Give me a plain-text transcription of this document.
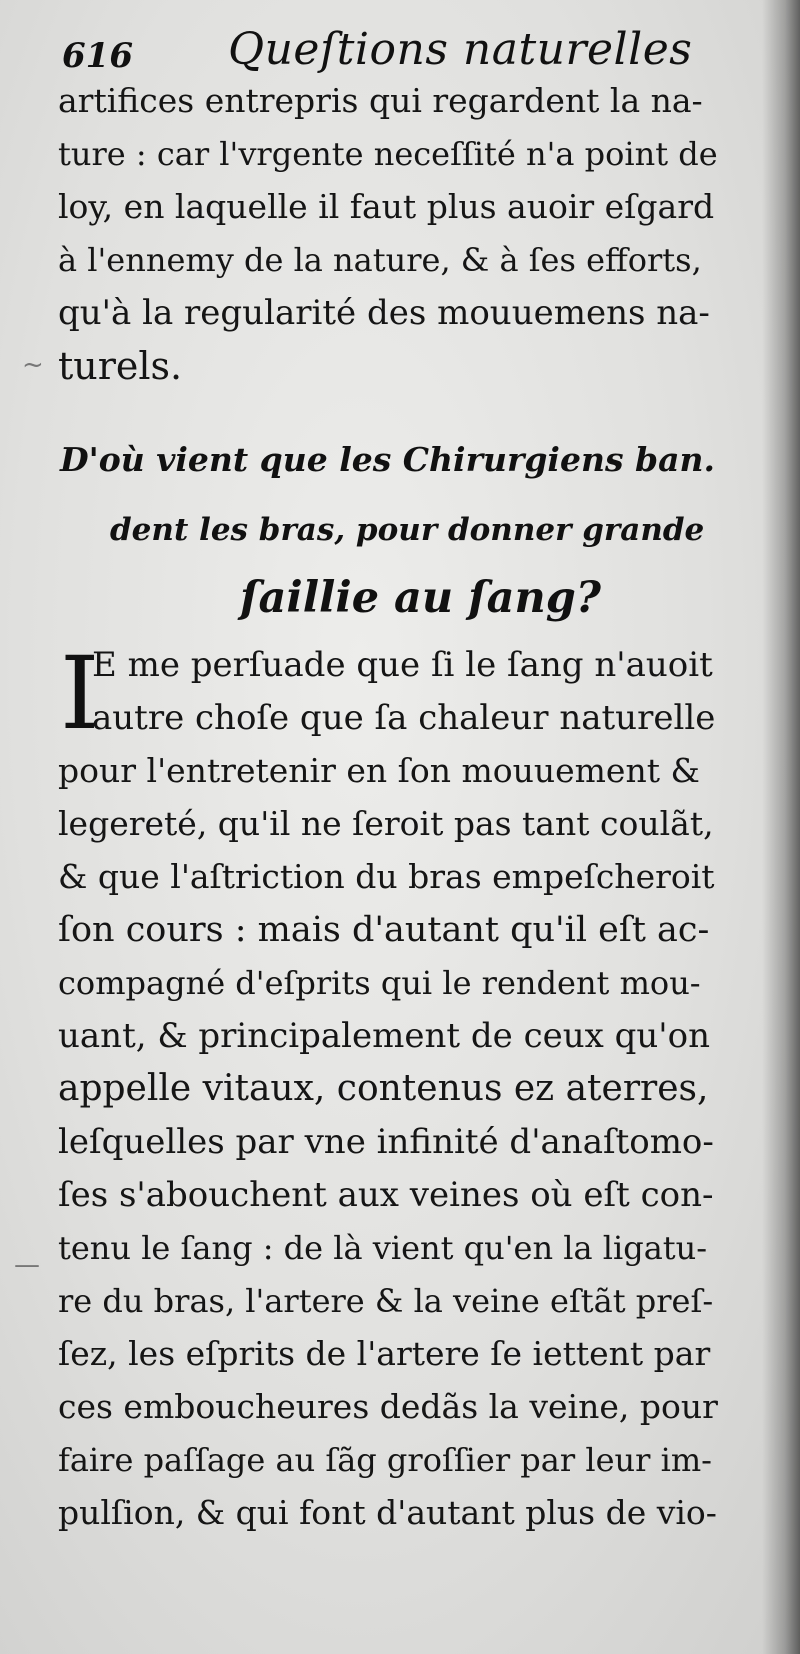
616 Queſtions naturelles
artifices entrepris qui regardent la na-
ture : car l'vrgente neceſſité n'a point de
loy, en laquelle il faut plus auoir eſgard
à l'ennemy de la nature, & à ſes efforts,
qu'à la regularité des mouuemens na-
turels.
~
D'où vient que les Chirurgiens ban.
dent les bras, pour donner grande
ſaillie au ſang?
I
E me perſuade que ſi le ſang n'auoit
autre choſe que ſa chaleur naturelle
pour l'entretenir en ſon mouuement &
legereté, qu'il ne ſeroit pas tant coulãt,
& que l'aſtriction du bras empeſcheroit
ſon cours : mais d'autant qu'il eſt ac-
compagné d'eſprits qui le rendent mou-
uant, & principalement de ceux qu'on
appelle vitaux, contenus ez aterres,
leſquelles par vne infinité d'anaſtomo-
ſes s'abouchent aux veines où eſt con-
tenu le ſang : de là vient qu'en la ligatu-
re du bras, l'artere & la veine eſtãt preſ-
ſez, les eſprits de l'artere ſe iettent par
ces emboucheures dedãs la veine, pour
faire paſſage au ſãg groſſier par leur im-
pulſion, & qui font d'autant plus de vio-
—
